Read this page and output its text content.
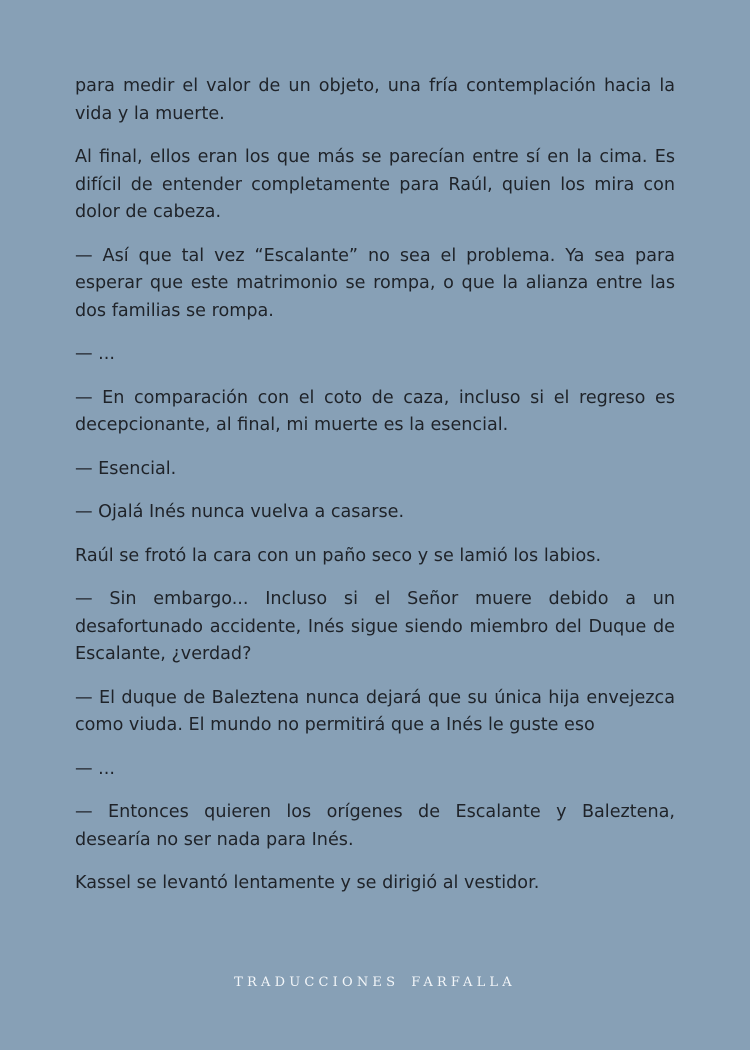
para medir el valor de un objeto, una fría contemplación hacia la vida y la muerte.

Al final, ellos eran los que más se parecían entre sí en la cima. Es difícil de entender completamente para Raúl, quien los mira con dolor de cabeza.

— Así que tal vez “Escalante” no sea el problema. Ya sea para esperar que este matrimonio se rompa, o que la alianza entre las dos familias se rompa.

— ...

— En comparación con el coto de caza, incluso si el regreso es decepcionante, al final, mi muerte es la esencial.

— Esencial.

— Ojalá Inés nunca vuelva a casarse.

Raúl se frotó la cara con un paño seco y se lamió los labios.

— Sin embargo... Incluso si el Señor muere debido a un desafortunado accidente, Inés sigue siendo miembro del Duque de Escalante, ¿verdad?

— El duque de Baleztena nunca dejará que su única hija envejezca como viuda. El mundo no permitirá que a Inés le guste eso

— ...

— Entonces quieren los orígenes de Escalante y Baleztena, desearía no ser nada para Inés.

Kassel se levantó lentamente y se dirigió al vestidor.

TRADUCCIONES FARFALLA
